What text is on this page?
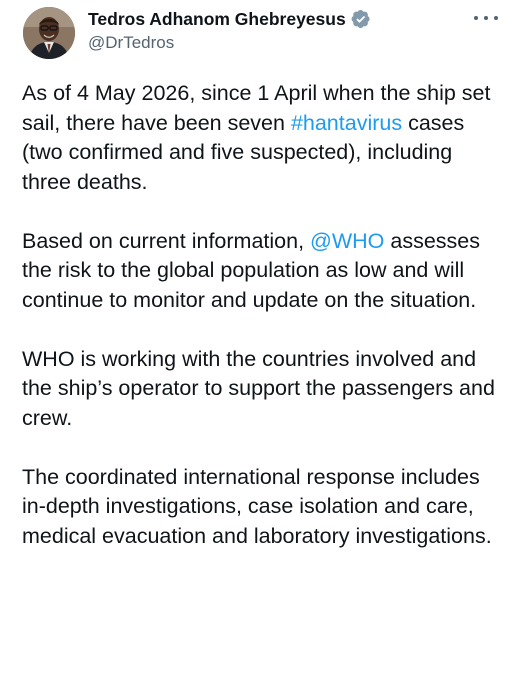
Tedros Adhanom Ghebreyesus
@DrTedros

As of 4 May 2026, since 1 April when the ship set sail, there have been seven #hantavirus cases (two confirmed and five suspected), including three deaths.

Based on current information, @WHO assesses the risk to the global population as low and will continue to monitor and update on the situation.

WHO is working with the countries involved and the ship’s operator to support the passengers and crew.

The coordinated international response includes in-depth investigations, case isolation and care, medical evacuation and laboratory investigations.
